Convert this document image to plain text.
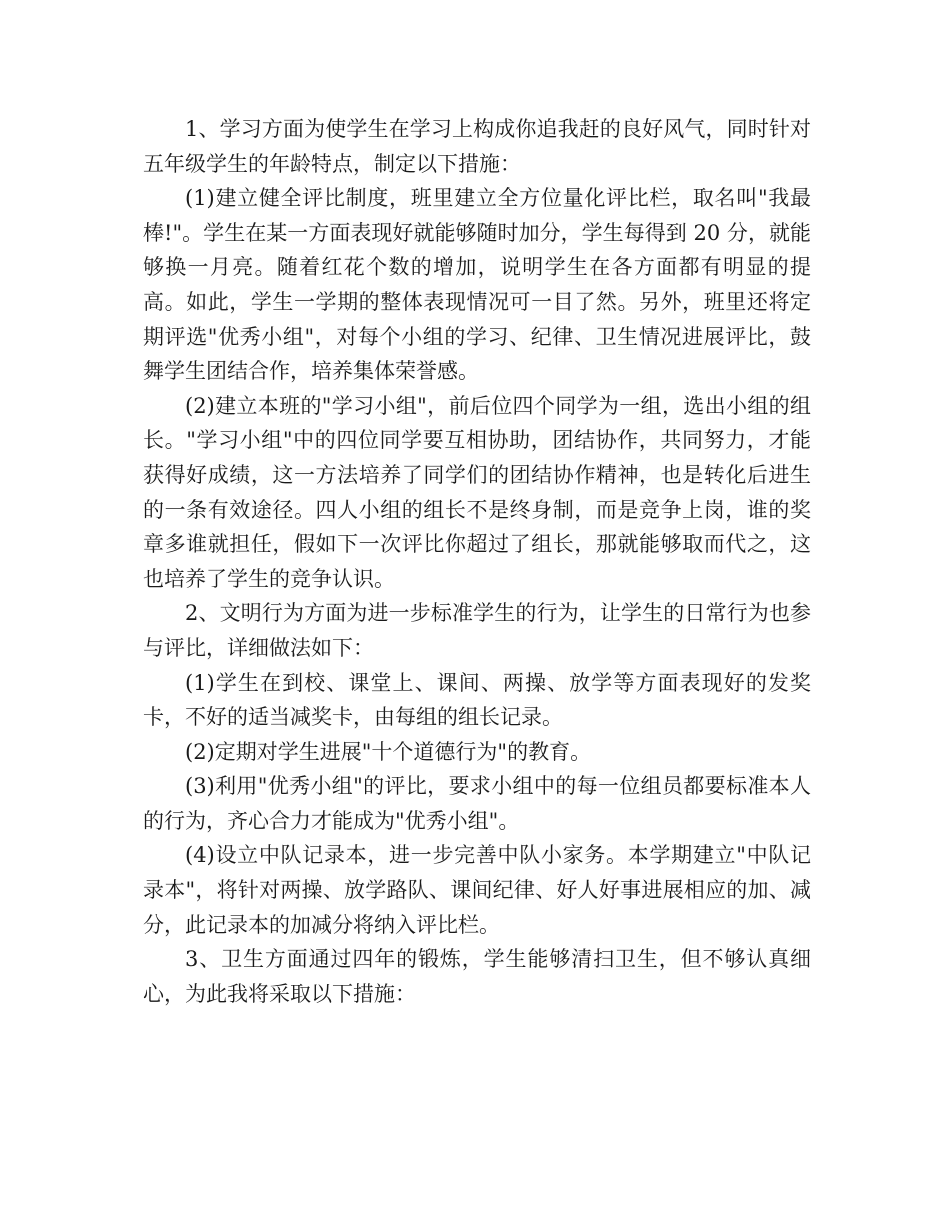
1、学习方面为使学生在学习上构成你追我赶的良好风气，同时针对五年级学生的年龄特点，制定以下措施：

(1)建立健全评比制度，班里建立全方位量化评比栏，取名叫"我最棒!"。学生在某一方面表现好就能够随时加分，学生每得到 20 分，就能够换一月亮。随着红花个数的增加，说明学生在各方面都有明显的提高。如此，学生一学期的整体表现情况可一目了然。另外，班里还将定期评选"优秀小组"，对每个小组的学习、纪律、卫生情况进展评比，鼓舞学生团结合作，培养集体荣誉感。

(2)建立本班的"学习小组"，前后位四个同学为一组，选出小组的组长。"学习小组"中的四位同学要互相协助，团结协作，共同努力，才能获得好成绩，这一方法培养了同学们的团结协作精神，也是转化后进生的一条有效途径。四人小组的组长不是终身制，而是竞争上岗，谁的奖章多谁就担任，假如下一次评比你超过了组长，那就能够取而代之，这也培养了学生的竞争认识。

2、文明行为方面为进一步标准学生的行为，让学生的日常行为也参与评比，详细做法如下：

(1)学生在到校、课堂上、课间、两操、放学等方面表现好的发奖卡，不好的适当减奖卡，由每组的组长记录。

(2)定期对学生进展"十个道德行为"的教育。

(3)利用"优秀小组"的评比，要求小组中的每一位组员都要标准本人的行为，齐心合力才能成为"优秀小组"。

(4)设立中队记录本，进一步完善中队小家务。本学期建立"中队记录本"，将针对两操、放学路队、课间纪律、好人好事进展相应的加、减分，此记录本的加减分将纳入评比栏。

3、卫生方面通过四年的锻炼，学生能够清扫卫生，但不够认真细心，为此我将采取以下措施：
